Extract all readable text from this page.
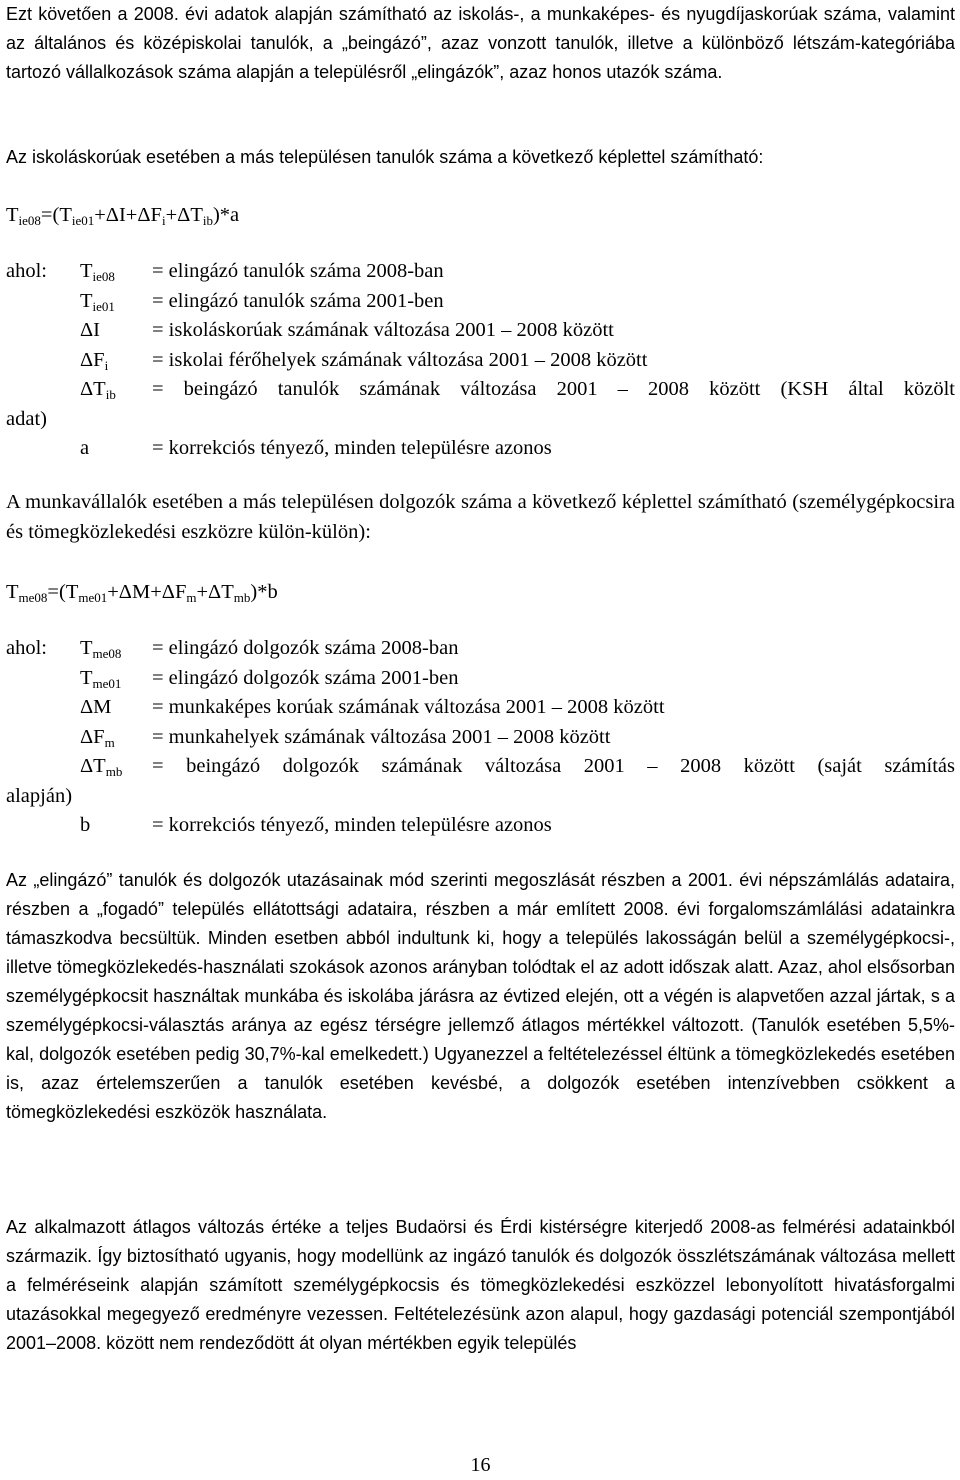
Ezt követően a 2008. évi adatok alapján számítható az iskolás-, a munkaképes- és nyugdíjaskorúak száma, valamint az általános és középiskolai tanulók, a „beingázó”, azaz vonzott tanulók, illetve a különböző létszám-kategóriába tartozó vállalkozások száma alapján a településről „elingázók”, azaz honos utazók száma.

Az iskoláskorúak esetében a más településen tanulók száma a következő képlettel számítható:

$T_{ie08}=(T_{ie01}+\Delta I+\Delta F_i+\Delta T_{ib})*a$
ahol: $T_{ie08}$ = elingázó tanulók száma 2008-ban
$T_{ie01}$ = elingázó tanulók száma 2001-ben
ΔI	= iskoláskorúak számának változása 2001 – 2008 között
$\Delta F_i$ = iskolai férőhelyek számának változása 2001 – 2008 között
$\Delta T_{ib}$ = beingázó tanulók számának változása 2001 – 2008 között (KSH által közölt
adat)
a	= korrekciós tényező, minden településre azonos

A munkavállalók esetében a más településen dolgozók száma a következő képlettel számítható (személygépkocsira és tömegközlekedési eszközre külön-külön):

$T_{me08}=(T_{me01}+\Delta M+\Delta F_m+\Delta T_{mb})*b$
ahol: $T_{me08}$ = elingázó dolgozók száma 2008-ban
$T_{me01}$ = elingázó dolgozók száma 2001-ben
ΔM = munkaképes korúak számának változása 2001 – 2008 között
$\Delta F_m$ = munkahelyek számának változása 2001 – 2008 között
$\Delta T_{mb}$ = beingázó dolgozók számának változása 2001 – 2008 között (saját számítás
alapján)
b	= korrekciós tényező, minden településre azonos

Az „elingázó” tanulók és dolgozók utazásainak mód szerinti megoszlását részben a 2001. évi népszámlálás adataira, részben a „fogadó” település ellátottsági adataira, részben a már említett 2008. évi forgalomszámlálási adatainkra támaszkodva becsültük. Minden esetben abból indultunk ki, hogy a település lakosságán belül a személygépkocsi-, illetve tömegközlekedés-használati szokások azonos arányban tolódtak el az adott időszak alatt. Azaz, ahol elsősorban személygépkocsit használtak munkába és iskolába járásra az évtized elején, ott a végén is alapvetően azzal jártak, s a személygépkocsi-választás aránya az egész térségre jellemző átlagos mértékkel változott. (Tanulók esetében 5,5%-kal, dolgozók esetében pedig 30,7%-kal emelkedett.) Ugyanezzel a feltételezéssel éltünk a tömegközlekedés esetében is, azaz értelemszerűen a tanulók esetében kevésbé, a dolgozók esetében intenzívebben csökkent a tömegközlekedési eszközök használata.

Az alkalmazott átlagos változás értéke a teljes Budaörsi és Érdi kistérségre kiterjedő 2008-as felmérési adatainkból származik. Így biztosítható ugyanis, hogy modellünk az ingázó tanulók és dolgozók összlétszámának változása mellett a felméréseink alapján számított személygépkocsis és tömegközlekedési eszközzel lebonyolított hivatásforgalmi utazásokkal megegyező eredményre vezessen. Feltételezésünk azon alapul, hogy gazdasági potenciál szempontjából 2001–2008. között nem rendeződött át olyan mértékben egyik település

16
